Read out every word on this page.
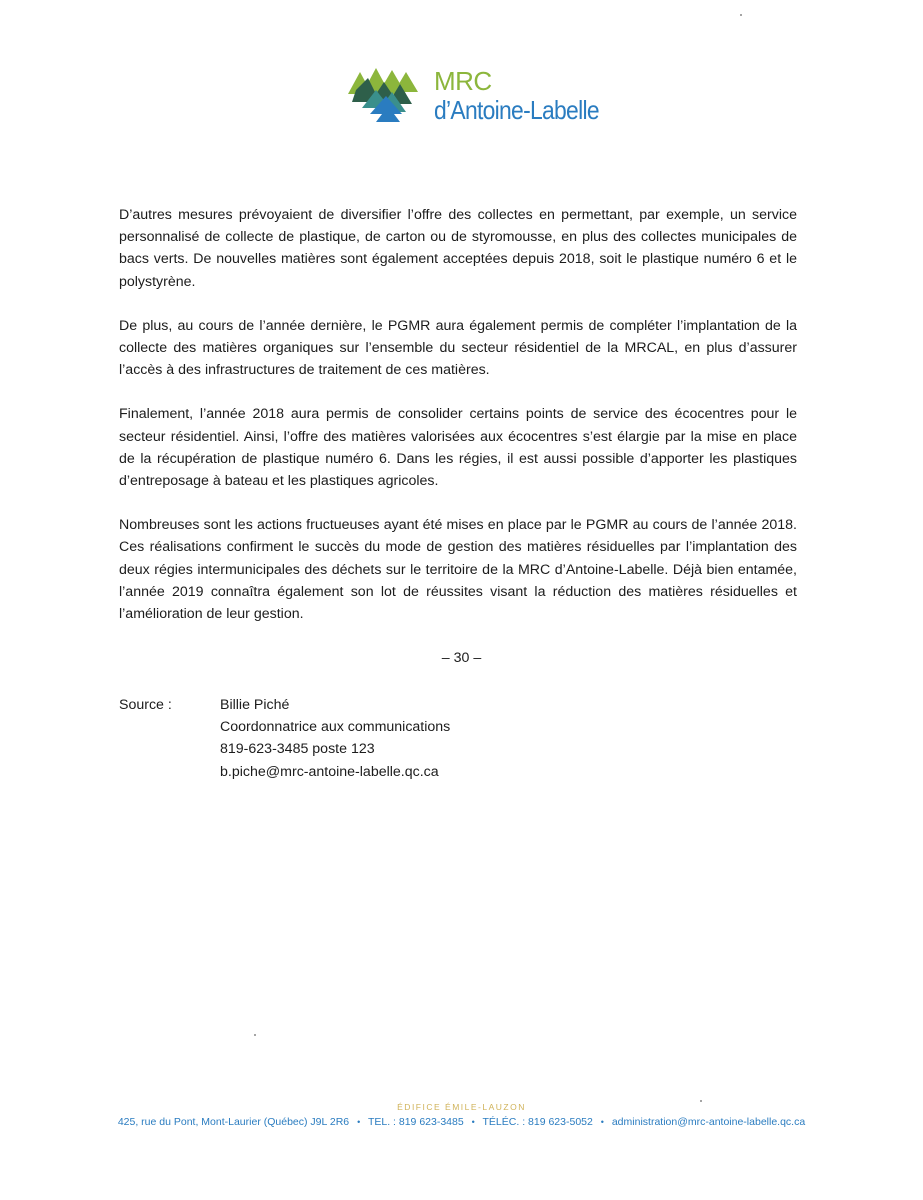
MRC
d’Antoine-Labelle

D’autres mesures prévoyaient de diversifier l’offre des collectes en permettant, par exemple, un service personnalisé de collecte de plastique, de carton ou de styromousse, en plus des collectes municipales de bacs verts. De nouvelles matières sont également acceptées depuis 2018, soit le plastique numéro 6 et le polystyrène.

De plus, au cours de l’année dernière, le PGMR aura également permis de compléter l’implantation de la collecte des matières organiques sur l’ensemble du secteur résidentiel de la MRCAL, en plus d’assurer l’accès à des infrastructures de traitement de ces matières.

Finalement, l’année 2018 aura permis de consolider certains points de service des écocentres pour le secteur résidentiel. Ainsi, l’offre des matières valorisées aux écocentres s’est élargie par la mise en place de la récupération de plastique numéro 6. Dans les régies, il est aussi possible d’apporter les plastiques d’entreposage à bateau et les plastiques agricoles.

Nombreuses sont les actions fructueuses ayant été mises en place par le PGMR au cours de l’année 2018. Ces réalisations confirment le succès du mode de gestion des matières résiduelles par l’implantation des deux régies intermunicipales des déchets sur le territoire de la MRC d’Antoine-Labelle. Déjà bien entamée, l’année 2019 connaîtra également son lot de réussites visant la réduction des matières résiduelles et l’amélioration de leur gestion.

– 30 –
Source :	Billie Piché
Coordonnatrice aux communications
819-623-3485 poste 123
b.piche@mrc-antoine-labelle.qc.ca
ÉDIFICE ÉMILE-LAUZON
425, rue du Pont, Mont-Laurier (Québec) J9L 2R6 • TEL. : 819 623-3485 • TÉLÉC. : 819 623-5052 • administration@mrc-antoine-labelle.qc.ca
